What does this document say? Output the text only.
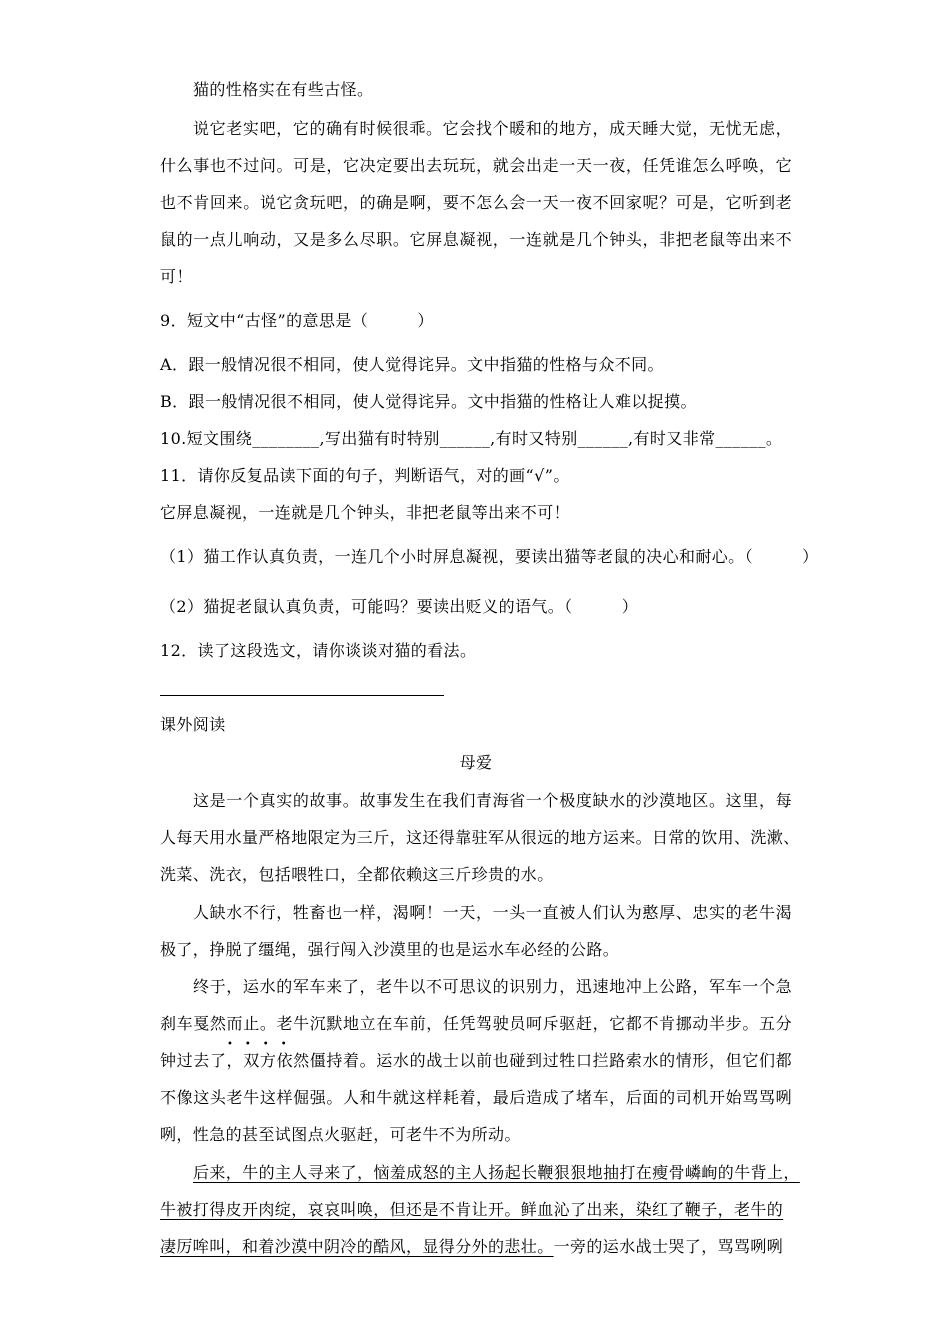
猫的性格实在有些古怪。
说它老实吧，它的确有时候很乖。它会找个暖和的地方，成天睡大觉，无忧无虑，
什么事也不过问。可是，它决定要出去玩玩，就会出走一天一夜，任凭谁怎么呼唤，它
也不肯回来。说它贪玩吧，的确是啊，要不怎么会一天一夜不回家呢？可是，它听到老
鼠的一点儿响动，又是多么尽职。它屏息凝视，一连就是几个钟头，非把老鼠等出来不
可！
9．短文中“古怪”的意思是（　　　）
A．跟一般情况很不相同，使人觉得诧异。文中指猫的性格与众不同。
B．跟一般情况很不相同，使人觉得诧异。文中指猫的性格让人难以捉摸。
10.短文围绕________,写出猫有时特别______,有时又特别______,有时又非常______。
11．请你反复品读下面的句子，判断语气，对的画“√”。
它屏息凝视，一连就是几个钟头，非把老鼠等出来不可！
（1）猫工作认真负责，一连几个小时屏息凝视，要读出猫等老鼠的决心和耐心。（　　　）
（2）猫捉老鼠认真负责，可能吗？要读出贬义的语气。（　　　）
12．读了这段选文，请你谈谈对猫的看法。
课外阅读
母爱
这是一个真实的故事。故事发生在我们青海省一个极度缺水的沙漠地区。这里，每
人每天用水量严格地限定为三斤，这还得靠驻军从很远的地方运来。日常的饮用、洗漱、
洗菜、洗衣，包括喂牲口，全都依赖这三斤珍贵的水。
人缺水不行，牲畜也一样，渴啊！一天，一头一直被人们认为憨厚、忠实的老牛渴
极了，挣脱了缰绳，强行闯入沙漠里的也是运水车必经的公路。
终于，运水的军车来了，老牛以不可思议的识别力，迅速地冲上公路，军车一个急
刹车戛然而止。老牛沉默地立在车前，任凭驾驶员呵斥驱赶，它都不肯挪动半步。五分
••••
钟过去了，双方依然僵持着。运水的战士以前也碰到过牲口拦路索水的情形，但它们都
不像这头老牛这样倔强。人和牛就这样耗着，最后造成了堵车，后面的司机开始骂骂咧
咧，性急的甚至试图点火驱赶，可老牛不为所动。
后来，牛的主人寻来了，恼羞成怒的主人扬起长鞭狠狠地抽打在瘦骨嶙峋的牛背上，
牛被打得皮开肉绽，哀哀叫唤，但还是不肯让开。鲜血沁了出来，染红了鞭子，老牛的
凄厉哞叫，和着沙漠中阴冷的酷风，显得分外的悲壮。一旁的运水战士哭了，骂骂咧咧
